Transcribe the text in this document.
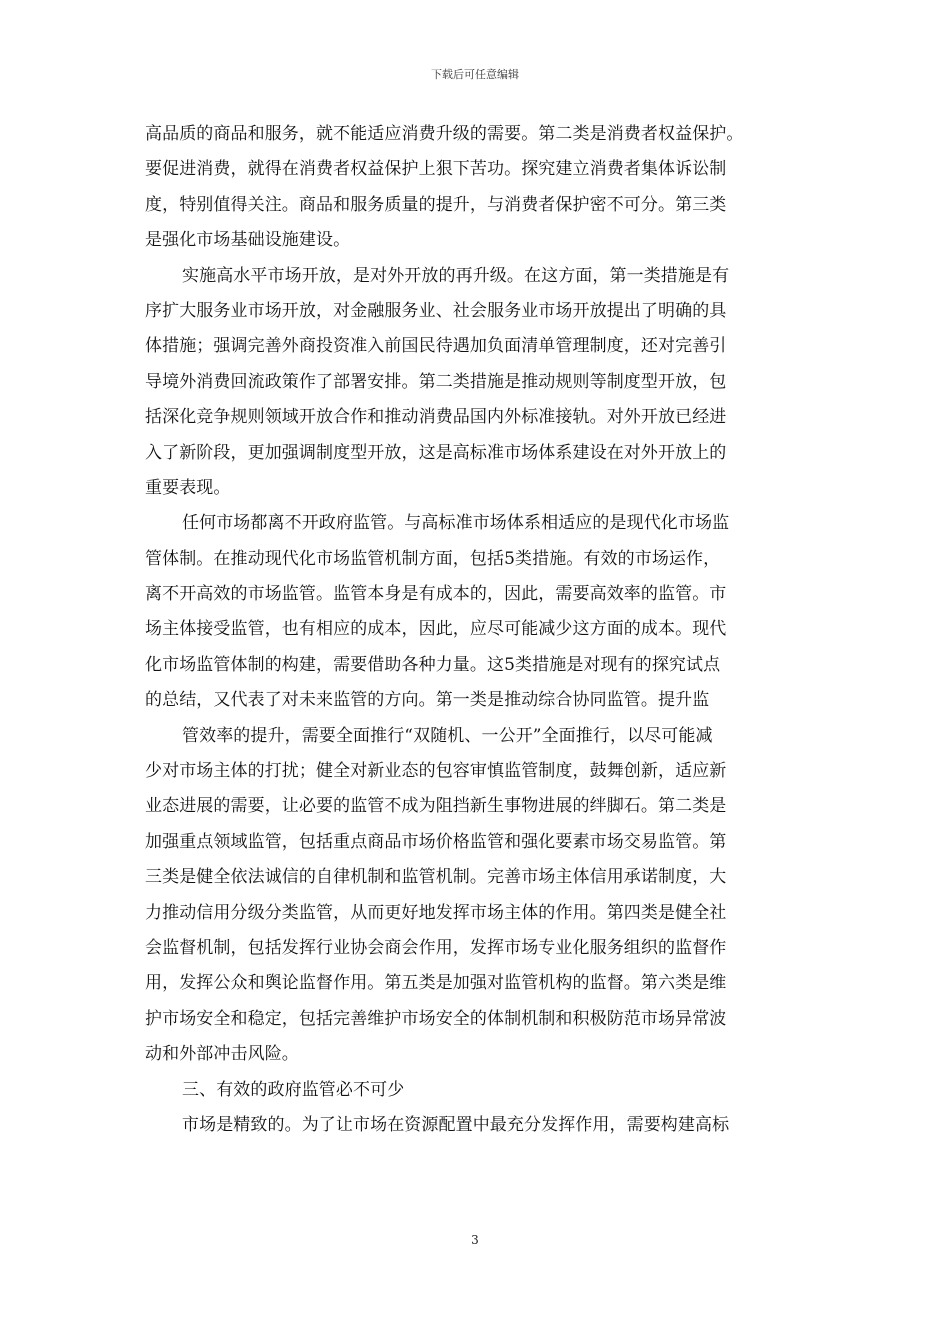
下载后可任意编辑
高品质的商品和服务，就不能适应消费升级的需要。第二类是消费者权益保护。
要促进消费，就得在消费者权益保护上狠下苦功。探究建立消费者集体诉讼制
度，特别值得关注。商品和服务质量的提升，与消费者保护密不可分。第三类
是强化市场基础设施建设。
实施高水平市场开放，是对外开放的再升级。在这方面，第一类措施是有
序扩大服务业市场开放，对金融服务业、社会服务业市场开放提出了明确的具
体措施；强调完善外商投资准入前国民待遇加负面清单管理制度，还对完善引
导境外消费回流政策作了部署安排。第二类措施是推动规则等制度型开放，包
括深化竞争规则领域开放合作和推动消费品国内外标准接轨。对外开放已经进
入了新阶段，更加强调制度型开放，这是高标准市场体系建设在对外开放上的
重要表现。
任何市场都离不开政府监管。与高标准市场体系相适应的是现代化市场监
管体制。在推动现代化市场监管机制方面，包括5类措施。有效的市场运作，
离不开高效的市场监管。监管本身是有成本的，因此，需要高效率的监管。市
场主体接受监管，也有相应的成本，因此，应尽可能减少这方面的成本。现代
化市场监管体制的构建，需要借助各种力量。这5类措施是对现有的探究试点
的总结，又代表了对未来监管的方向。第一类是推动综合协同监管。提升监
管效率的提升，需要全面推行“双随机、一公开”全面推行，以尽可能减
少对市场主体的打扰；健全对新业态的包容审慎监管制度，鼓舞创新，适应新
业态进展的需要，让必要的监管不成为阻挡新生事物进展的绊脚石。第二类是
加强重点领域监管，包括重点商品市场价格监管和强化要素市场交易监管。第
三类是健全依法诚信的自律机制和监管机制。完善市场主体信用承诺制度，大
力推动信用分级分类监管，从而更好地发挥市场主体的作用。第四类是健全社
会监督机制，包括发挥行业协会商会作用，发挥市场专业化服务组织的监督作
用，发挥公众和舆论监督作用。第五类是加强对监管机构的监督。第六类是维
护市场安全和稳定，包括完善维护市场安全的体制机制和积极防范市场异常波
动和外部冲击风险。
三、有效的政府监管必不可少
市场是精致的。为了让市场在资源配置中最充分发挥作用，需要构建高标
3
